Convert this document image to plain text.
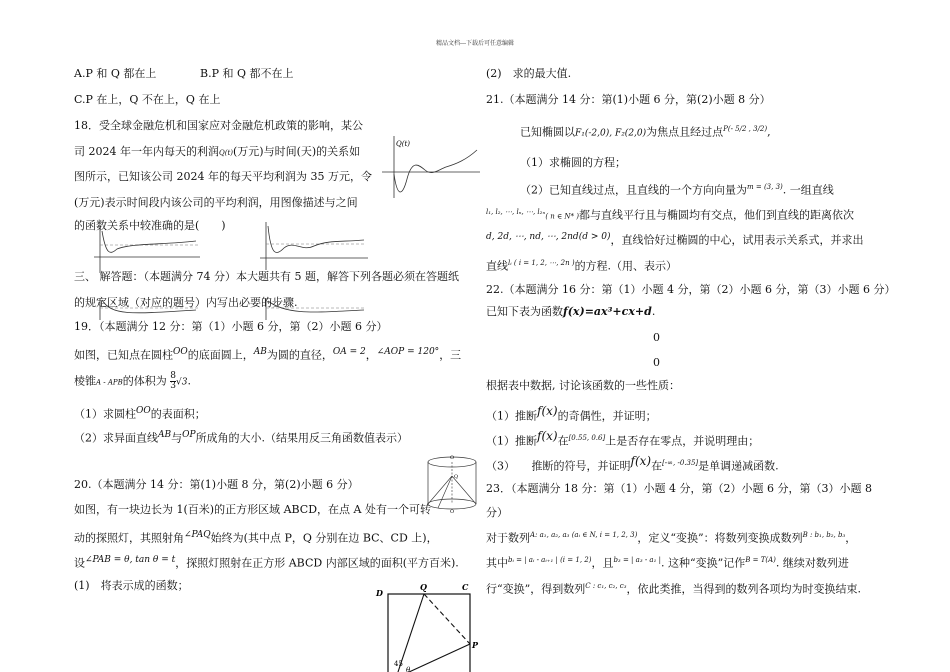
精品文档---下载后可任意编辑
A.P 和 Q 都在上	B.P 和 Q 都不在上
C.P 在上，Q 不在上，Q 在上
18．受全球金融危机和国家应对金融危机政策的影响，某公
司 2024 年一年内每天的利润Q(t)(万元)与时间(天)的关系如
图所示，已知该公司 2024 年的每天平均利润为 35 万元，令
(万元)表示时间段内该公司的平均利润，用图像描述与之间
的函数关系中较准确的是(　　)
Q(t)
三、 解答题：（本题满分 74 分）本大题共有 5 题，解答下列各题必须在答题纸
的规定区域（对应的题号）内写出必要的步骤.
19．（本题满分 12 分：第（1）小题 6 分，第（2）小题 6 分）
如图，已知点在圆柱$^{OO}$的底面圆上，$^{AB}$为圆的直径，$^{OA = 2}$，$^{\angle AOP = 120^\circ}$，三
棱锥A - APB的体积为 $\frac{8}{3} √3$.
（1）求圆柱$^{OO}$的表面积；
（2）求异面直线$^{AB}$与$^{OP}$所成角的大小.（结果用反三角函数值表示）
O
Q
O
20.（本题满分 14 分：第(1)小题 8 分，第(2)小题 6 分）
如图，有一块边长为 1(百米)的正方形区域 ABCD，在点 A 处有一个可转
动的探照灯，其照射角$^{\angle PAQ}$始终为(其中点 P，Q 分别在边 BC、CD 上)，
设$^{\angle PAB = \theta, tan \theta = t}$，探照灯照射在正方形 ABCD 内部区域的面积(平方百米).
(1)　将表示成的函数；
D
Q	C
P
45
θ
(2)　求的最大值.
21.（本题满分 14 分：第(1)小题 6 分，第(2)小题 8 分）
已知椭圆以F₁(-2,0), F₂(2,0)为焦点且经过点$^{P(- 5/2 , 3/2)}$,
（1）求椭圆的方程；
（2）已知直线过点，且直线的一个方向向量为$^{m = (3, 3)}$. 一组直线
$^{l_1, l_2, \cdots, l_n, \cdots, l_{2n}}$( n ∈ N* )都与直线平行且与椭圆均有交点，他们到直线的距离依次
$^{d, 2d, \cdots, nd, \cdots, 2nd(d > 0)}$，直线恰好过椭圆的中心，试用表示关系式，并求出
直线$^{lᵢ ( i = 1, 2, \cdots, 2n )}$的方程.（用、表示）
22.（本题满分 16 分：第（1）小题 4 分，第（2）小题 6 分，第（3）小题 6 分）
已知下表为函数f(x)=ax³+cx+d.
0
0
根据表中数据, 讨论该函数的一些性质：
（1）推断$^{f(x)}$的奇偶性，并证明；
（1）推断$^{f(x)}$在[0.55, 0.6]上是否存在零点，并说明理由；
（3）　　推断的符号，并证明$^{f(x)}$在[-∞, -0.35]是单调递减函数.
23．（本题满分 18 分：第（1）小题 4 分，第（2）小题 6 分，第（3）小题 8
分）
对于数列$^{A: a_1, a_2, a_3 (aᵢ \in N, i = 1, 2, 3)}$，定义“变换”：将数列变换成数列$^{B : b_1, b_2, b_3}$，
其中$^{bᵢ = | aᵢ - aᵢ_{+1} | (i = 1, 2)}$，且$^{b_3 = | a_3 - a_1 |}$. 这种“变换”记作$^{B = T(A)}$. 继续对数列进
行“变换”，得到数列$^{C : c_1, c_2, c_3}$，依此类推，当得到的数列各项均为时变换结束.
